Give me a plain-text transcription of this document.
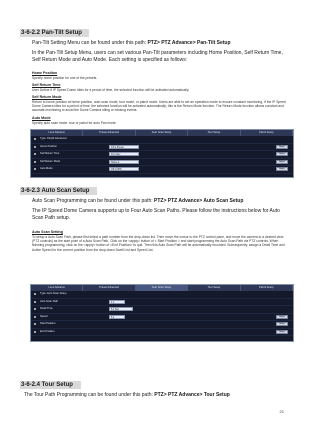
3-6-2.2 Pan-Tilt Setup

Pan-Tilt Setting Menu can be found under this path: PTZ> PTZ Advance> Pan-Tilt Setup

In the Pan-Tilt Setup Menu, users can set various Pan-Tilt parameters including Home Position, Self Return Time, Self Return Mode and Auto Mode. Each setting is specified as follows:

Home Position

Specify home position for one of the presets.

Self Return Time

User Define if IP Speed Dome idles for a period of time, the selected function will be activated automatically.

Self Return Mode

Return to home position at home position, auto scan mode, tour mode, or patrol mode. Users are able to set an operation mode to ensure constant monitoring. If the IP Speed Dome Camera idles for a period of time, the selected function will be activated automatically; this is the Return Mode function. The Return Mode function allows constant and accurate monitoring to avoid the Dome Camera idling or missing events.

Auto Mode

Specify auto scan mode, tour or patrol for auto Pan mode.

Lens Advance	Preset Advanced	Auto Scan Setup	Tour Setup	Patrol Setup
Type: Pantilt Advanced
Home Position	1/8 ▾ Preset	Apply
Self Return Time	10 ▾ Sec	Apply
Self Return Mode	Home ▾	Apply
Auto Mode	Off ▾ NPS	Apply
3-6-2.3 Auto Scan Setup

Auto Scan Programming can be found under this path: PTZ> PTZ Advance> Auto Scan Setup

The IP Speed Dome Camera supports up to Four Auto Scan Paths. Please follow the instructions below for Auto Scan Path setup.

Auto Scan Setting

To setup a Auto Scan Path, please first select a path number from the drop-down list. Then move the cursor to the PTZ control pane, and move the camera to a desired view (PTZ controls) as the start point of a Auto Scan Path. Click on the <apply> button of < Start Position > and start programming the Auto Scan Path via PTZ controls. When finishing programming, click on the <apply> button of <End Position> to quit. Then this Auto Scan Path will be automatically recorded. Subsequently, assign a Dwell Time and Active Speed for the current position from the drop-down Dwell List and Speed List.

Lens Advance	Preset Advanced	Auto Scan Setup	Tour Setup	Patrol Setup
Type: Auto Scan Setup
Auto Scan Path	1 ▾
Dwell Time	5 ▾ Sec
Speed	5 ▾	Apply
Start Position	Apply
End Position	Apply
3-6-2.4 Tour Setup

The Tour Path Programming can be found under this path: PTZ> PTZ Advance> Tour Setup

21
